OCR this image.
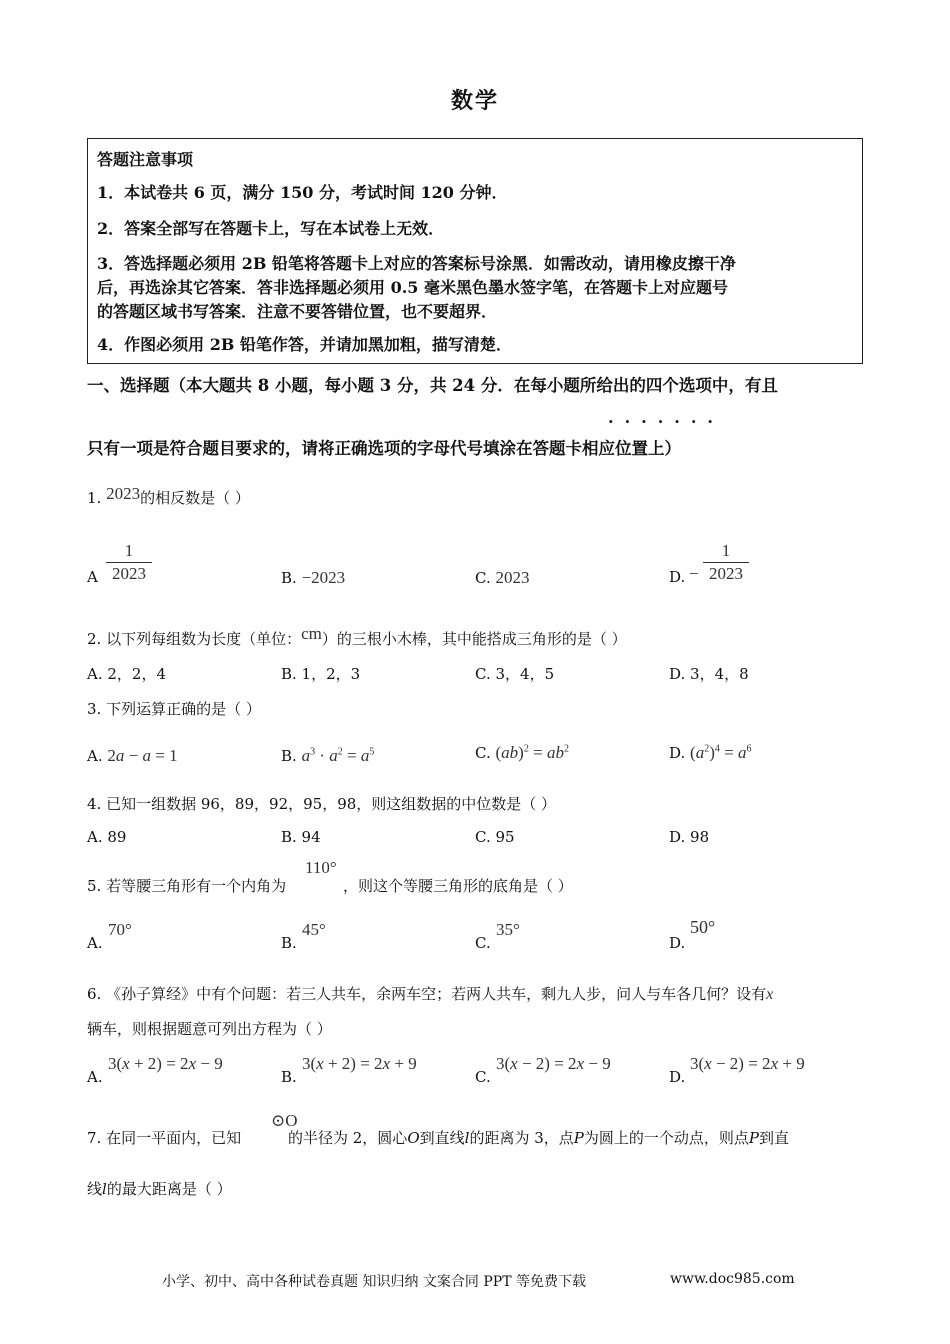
数学
答题注意事项
1．本试卷共 6 页，满分 150 分，考试时间 120 分钟．
2．答案全部写在答题卡上，写在本试卷上无效．
3．答选择题必须用 2B 铅笔将答题卡上对应的答案标号涂黑．如需改动，请用橡皮擦干净
后，再选涂其它答案．答非选择题必须用 0.5 毫米黑色墨水签字笔，在答题卡上对应题号
的答题区域书写答案．注意不要答错位置，也不要超界．
4．作图必须用 2B 铅笔作答，并请加黑加粗，描写清楚．
一、选择题（本大题共 8 小题，每小题 3 分，共 24 分．在每小题所给出的四个选项中，有且
·······
只有一项是符合题目要求的，请将正确选项的字母代号填涂在答题卡相应位置上）
1. 2023的相反数是（ ）
A
1
2023	B. −2023	C. 2023	D. −
1
2023
2. 以下列每组数为长度（单位：cm）的三根小木棒，其中能搭成三角形的是（ ）
A. 2，2，4	B. 1，2，3	C. 3，4，5	D. 3，4，8
3. 下列运算正确的是（ ）
A. 2a − a = 1	B. $a^3 \cdot a^2 = a^5$	C. $(ab)^2 = ab^2$	D. $(a^2)^4 = a^6$
4. 已知一组数据 96，89，92，95，98，则这组数据的中位数是（ ）
A. 89	B. 94	C. 95	D. 98
5. 若等腰三角形有一个内角为
110°
，则这个等腰三角形的底角是（ ）
A.
70°
B.
45°
C.
35°
D.
50°
6. 《孙子算经》中有个问题：若三人共车，余两车空；若两人共车，剩九人步，问人与车各几何？设有x
辆车，则根据题意可列出方程为（ ）
A.
3(x + 2) = 2x − 9
B.
3(x + 2) = 2x + 9
C.
3(x − 2) = 2x − 9
D.
3(x − 2) = 2x + 9
7. 在同一平面内，已知
⊙O
的半径为 2，圆心O到直线l的距离为 3，点P为圆上的一个动点，则点P到直
线l的最大距离是（ ）
小学、初中、高中各种试卷真题 知识归纳 文案合同 PPT 等免费下载	www.doc985.com
